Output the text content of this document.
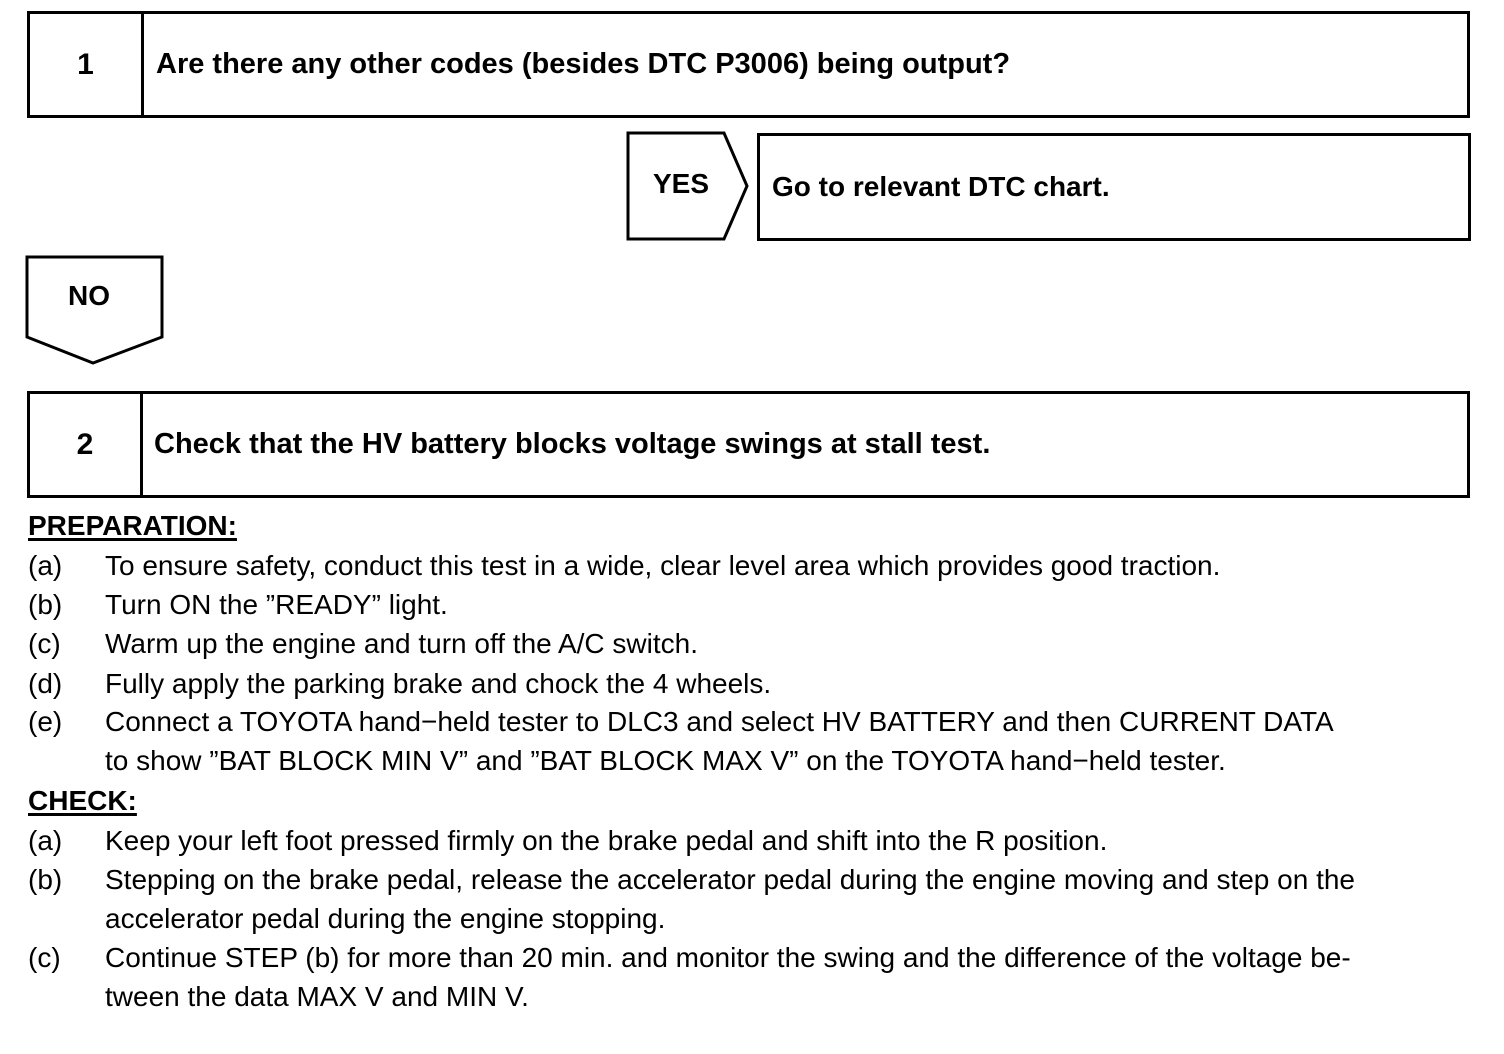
1	Are there any other codes (besides DTC P3006) being output?
YES	Go to relevant DTC chart.
NO
2	Check that the HV battery blocks voltage swings at stall test.
PREPARATION:
(a) To ensure safety, conduct this test in a wide, clear level area which provides good traction.
(b) Turn ON the ”READY” light.
(c) Warm up the engine and turn off the A/C switch.
(d) Fully apply the parking brake and chock the 4 wheels.
(e) Connect a TOYOTA hand−held tester to DLC3 and select HV BATTERY and then CURRENT DATA
to show ”BAT BLOCK MIN V” and ”BAT BLOCK MAX V” on the TOYOTA hand−held tester.
CHECK:
(a) Keep your left foot pressed firmly on the brake pedal and shift into the R position.
(b) Stepping on the brake pedal, release the accelerator pedal during the engine moving and step on the
accelerator pedal during the engine stopping.
(c) Continue STEP (b) for more than 20 min. and monitor the swing and the difference of the voltage be-
tween the data MAX V and MIN V.
